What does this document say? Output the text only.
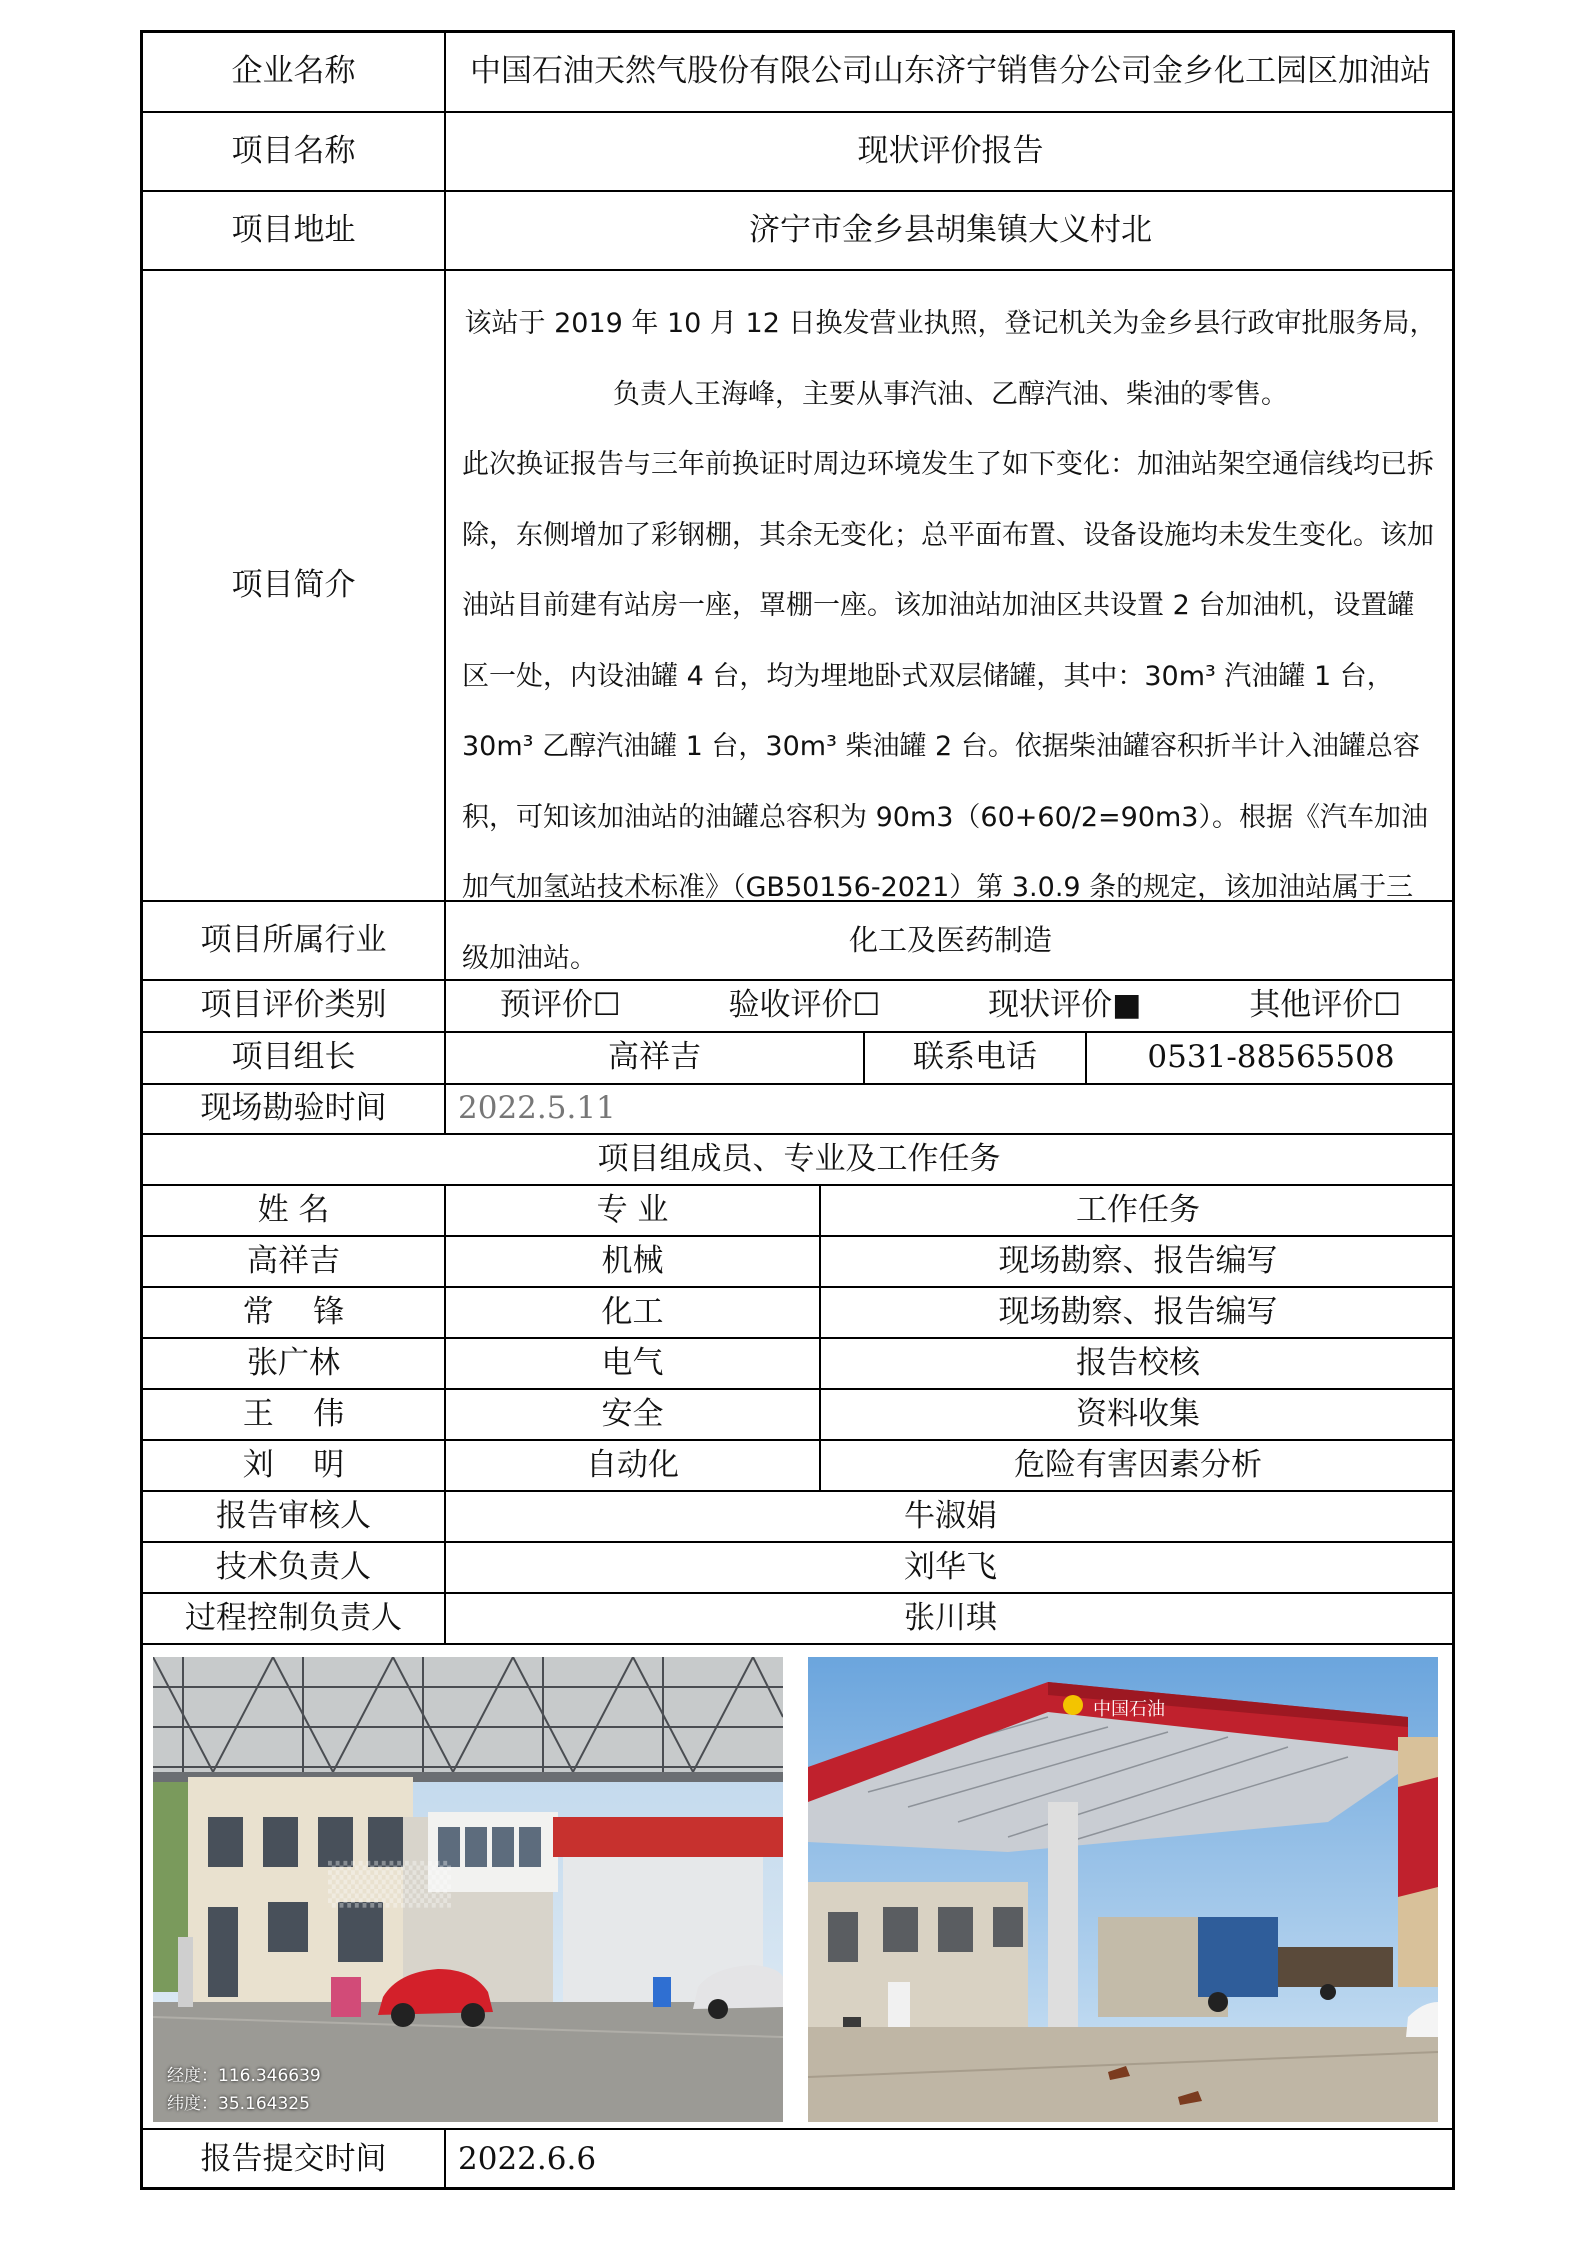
企业名称	中国石油天然气股份有限公司山东济宁销售分公司金乡化工园区加油站
项目名称	现状评价报告
项目地址	济宁市金乡县胡集镇大义村北
项目简介

该站于 2019 年 10 月 12 日换发营业执照，登记机关为金乡县行政审批服务局，

负责人王海峰，主要从事汽油、乙醇汽油、柴油的零售。

此次换证报告与三年前换证时周边环境发生了如下变化：加油站架空通信线均已拆除，东侧增加了彩钢棚，其余无变化；总平面布置、设备设施均未发生变化。该加油站目前建有站房一座，罩棚一座。该加油站加油区共设置 2 台加油机，设置罐区一处，内设油罐 4 台，均为埋地卧式双层储罐，其中：30m³ 汽油罐 1 台，30m³ 乙醇汽油罐 1 台，30m³ 柴油罐 2 台。依据柴油罐容积折半计入油罐总容积，可知该加油站的油罐总容积为 90m3（60+60/2=90m3）。根据《汽车加油加气加氢站技术标准》（GB50156-2021）第 3.0.9 条的规定，该加油站属于三级加油站。

项目所属行业	化工及医药制造
项目评价类别	预评价☐	验收评价☐	现状评价■	其他评价☐
项目组长	高祥吉	联系电话	0531-88565508
现场勘验时间	2022.5.11
项目组成员、专业及工作任务
姓 名	专 业	工作任务
高祥吉	机械	现场勘察、报告编写
常    锋	化工	现场勘察、报告编写
张广林	电气	报告校核
王    伟	安全	资料收集
刘    明	自动化	危险有害因素分析
报告审核人	牛淑娟
技术负责人	刘华飞
过程控制负责人	张川琪
▒▒▒▒
经度：116.346639
纬度：35.164325
中国石油
报告提交时间	2022.6.6
